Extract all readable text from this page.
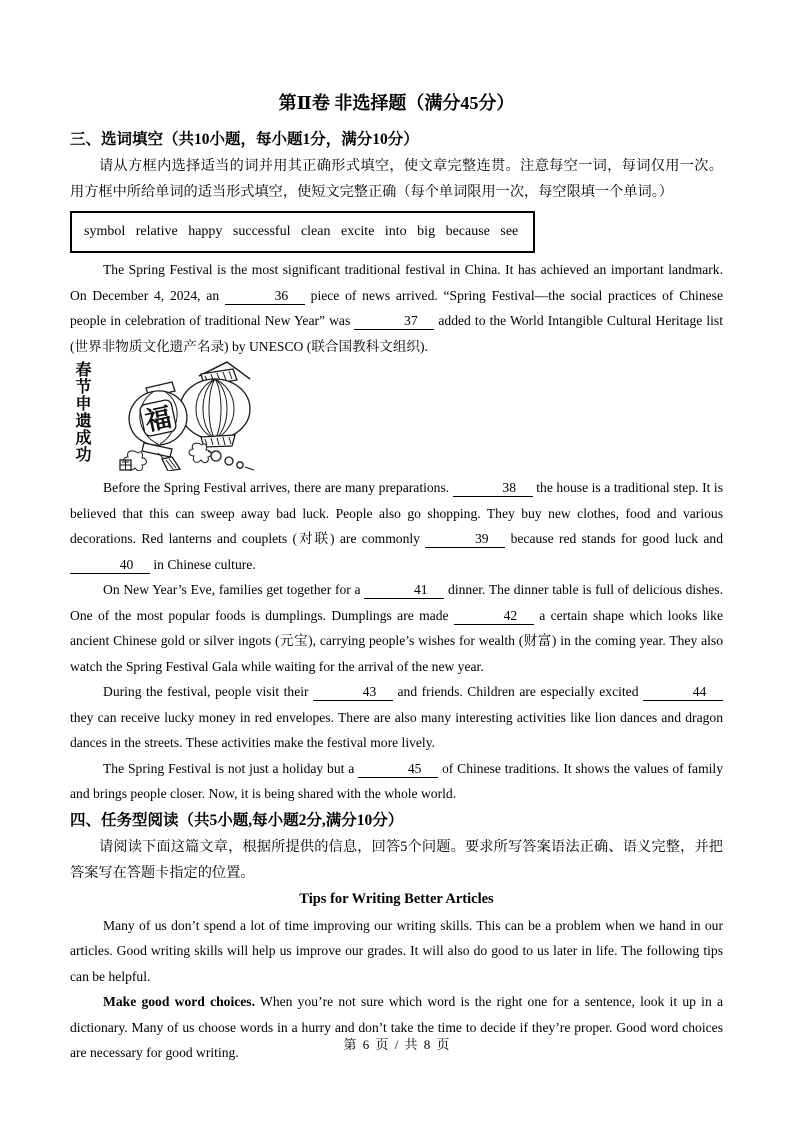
第Ⅱ卷 非选择题（满分45分）
三、选词填空（共10小题，每小题1分，满分10分）
请从方框内选择适当的词并用其正确形式填空，使文章完整连贯。注意每空一词，每词仅用一次。用方框中所给单词的适当形式填空，使短文完整正确（每个单词限用一次，每空限填一个单词。）
symbol  relative  happy  successful  clean  excite  into  big  because  see

The Spring Festival is the most significant traditional festival in China. It has achieved an important landmark. On December 4, 2024, an	36 piece of news arrived. “Spring Festival—the social practices of Chinese people in celebration of traditional New Year” was	37 added to the World Intangible Cultural Heritage list (世界非物质文化遗产名录) by UNESCO (联合国教科文组织).

春节申遗成功 福

Before the Spring Festival arrives, there are many preparations.	38 the house is a traditional step. It is believed that this can sweep away bad luck. People also go shopping. They buy new clothes, food and various decorations. Red lanterns and couplets (对联) are commonly	39 because red stands for good luck and 40 in Chinese culture.

On New Year’s Eve, families get together for a	41 dinner. The dinner table is full of delicious dishes. One of the most popular foods is dumplings. Dumplings are made	42 a certain shape which looks like ancient Chinese gold or silver ingots (元宝), carrying people’s wishes for wealth (财富) in the coming year. They also watch the Spring Festival Gala while waiting for the arrival of the new year.

During the festival, people visit their	43 and friends. Children are especially excited	44 they can receive lucky money in red envelopes. There are also many interesting activities like lion dances and dragon dances in the streets. These activities make the festival more lively.

The Spring Festival is not just a holiday but a	45 of Chinese traditions. It shows the values of family and brings people closer. Now, it is being shared with the whole world.

四、任务型阅读（共5小题,每小题2分,满分10分）
请阅读下面这篇文章，根据所提供的信息，回答5个问题。要求所写答案语法正确、语义完整，并把答案写在答题卡指定的位置。
Tips for Writing Better Articles

Many of us don’t spend a lot of time improving our writing skills. This can be a problem when we hand in our articles. Good writing skills will help us improve our grades. It will also do good to us later in life. The following tips can be helpful.

Make good word choices. When you’re not sure which word is the right one for a sentence, look it up in a dictionary. Many of us choose words in a hurry and don’t take the time to decide if they’re proper. Good word choices are necessary for good writing.

第 6 页 / 共 8 页
